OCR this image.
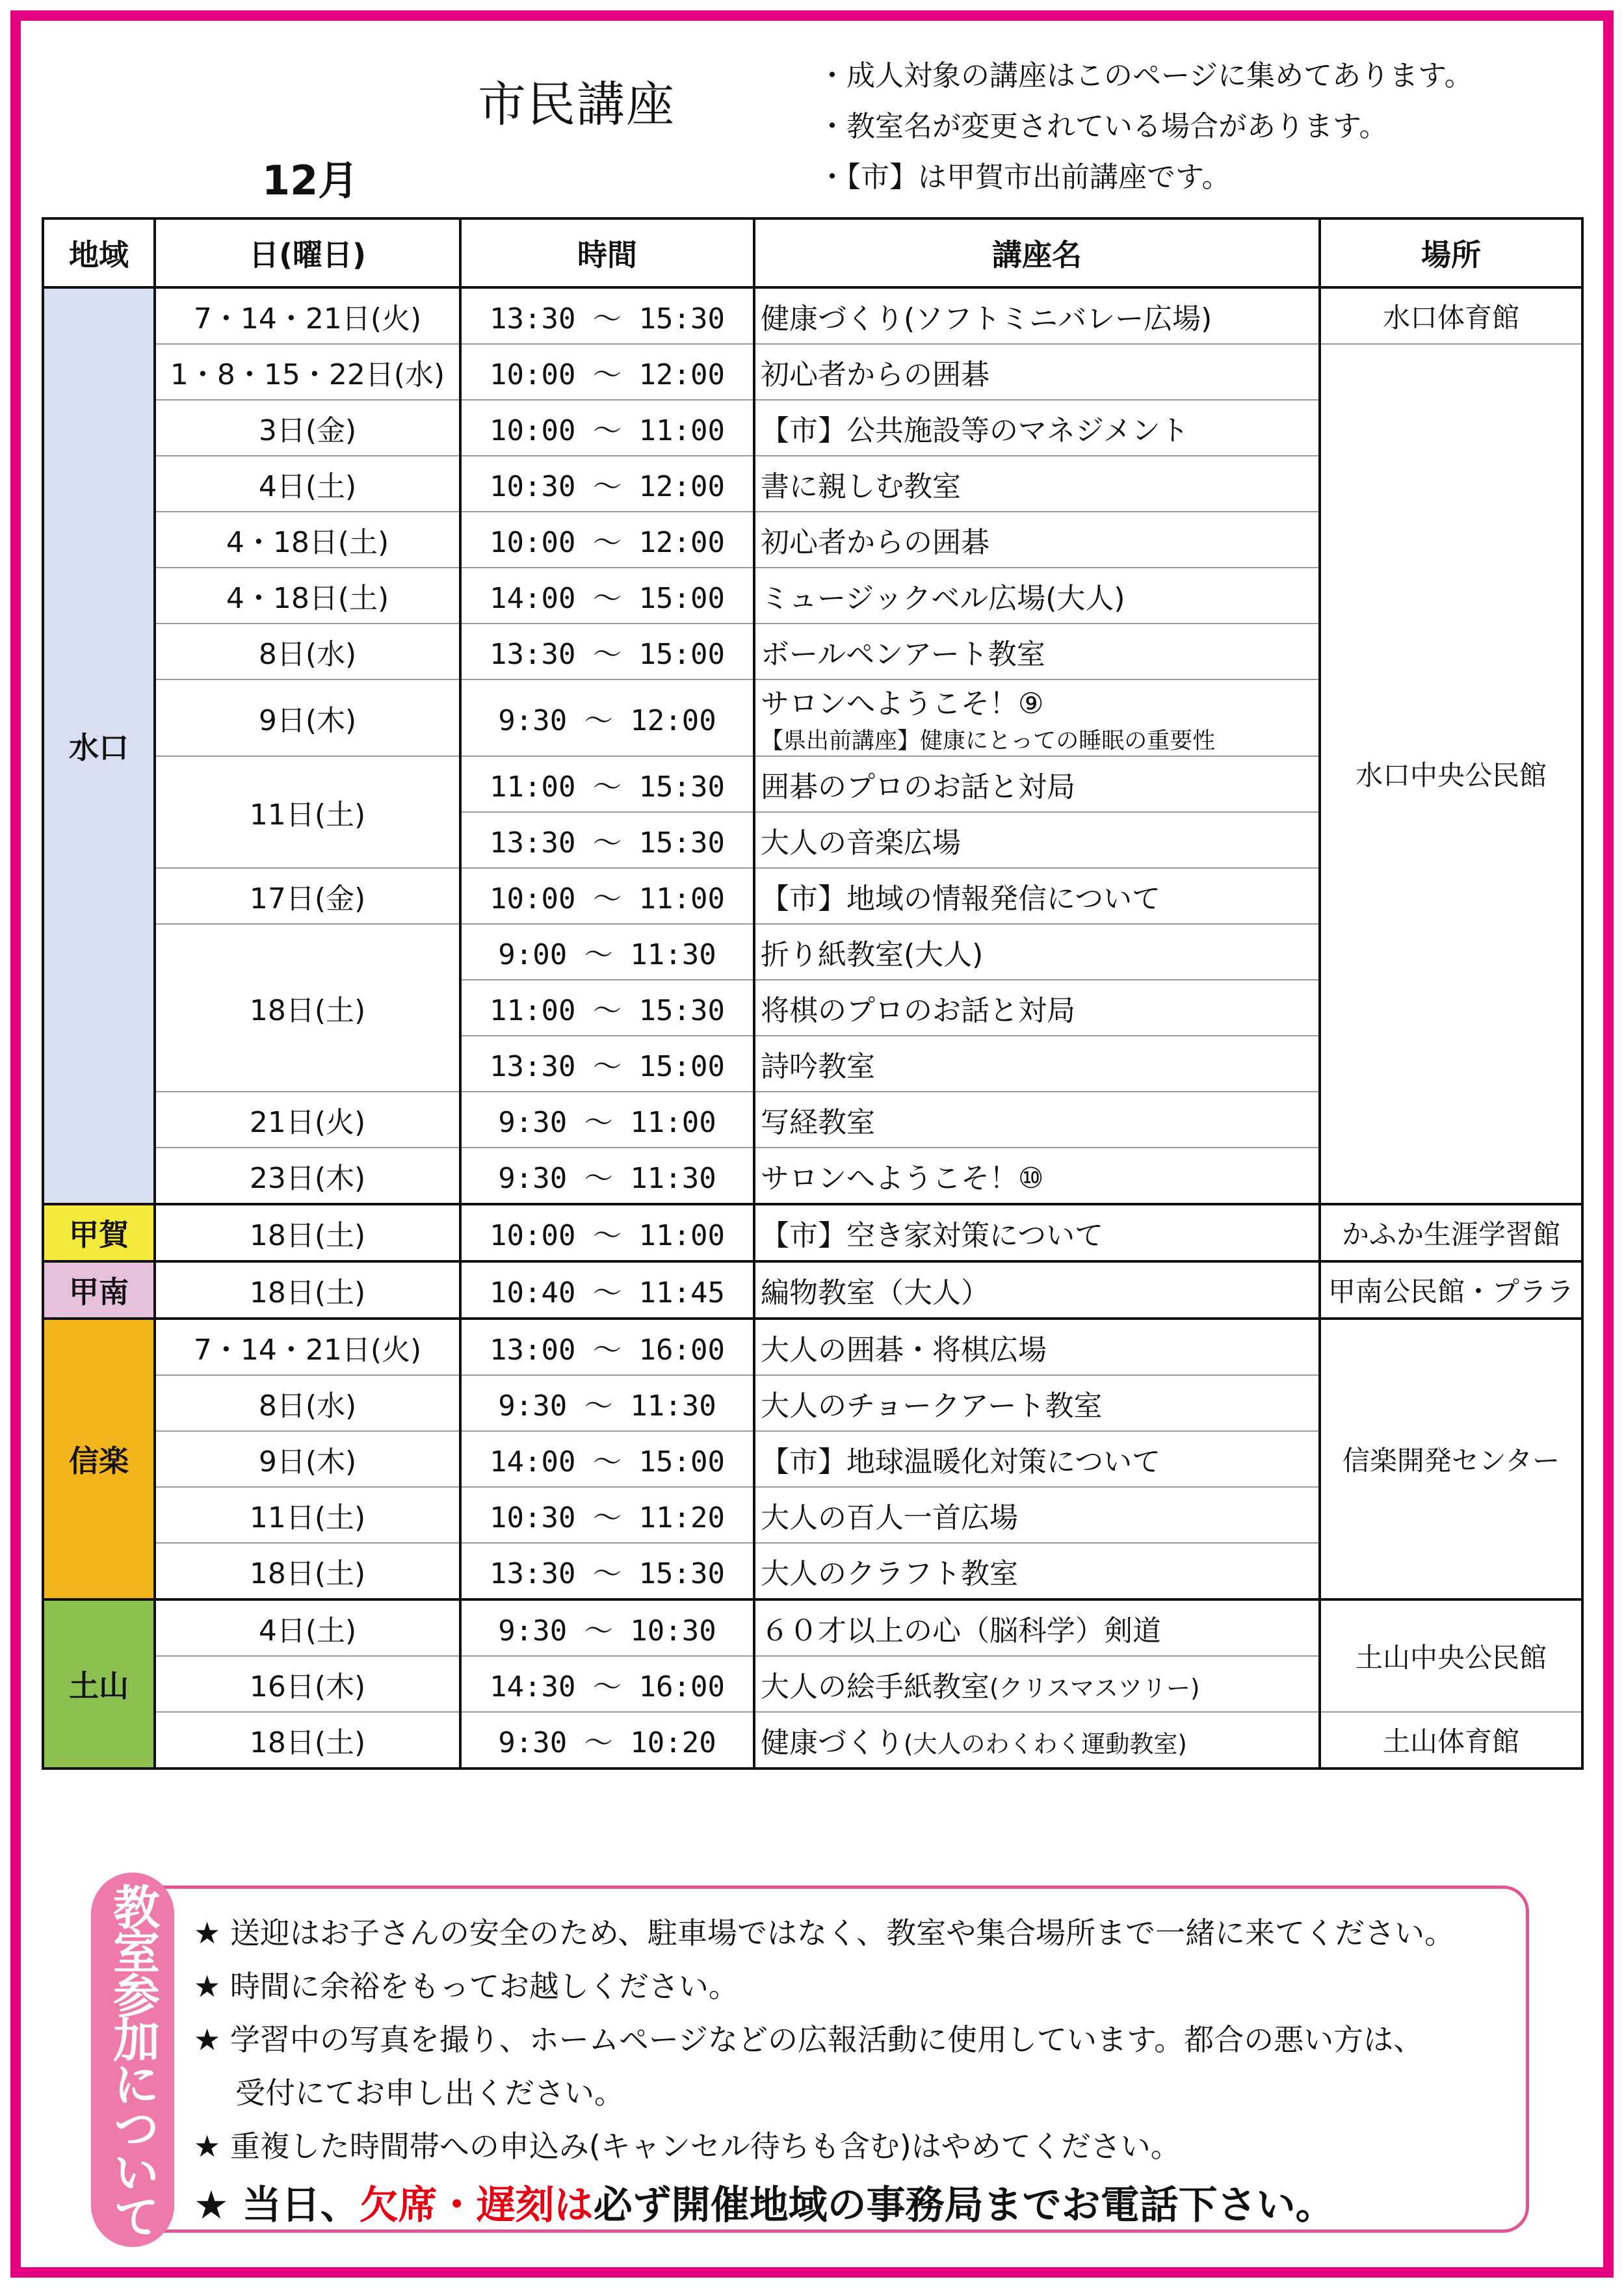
市民講座
12月
・成人対象の講座はこのページに集めてあります。
・教室名が変更されている場合があります。
・【市】は甲賀市出前講座です。
地域	日(曜日)	時間	講座名	場所
水口	7・14・21日(火)	13:30 ～ 15:30	健康づくり(ソフトミニバレー広場)	水口体育館
	1・8・15・22日(水)	10:00 ～ 12:00	初心者からの囲碁	水口中央公民館
	3日(金)	10:00 ～ 11:00	【市】公共施設等のマネジメント	
	4日(土)	10:30 ～ 12:00	書に親しむ教室	
	4・18日(土)	10:00 ～ 12:00	初心者からの囲碁	
	4・18日(土)	14:00 ～ 15:00	ミュージックベル広場(大人)	
	8日(水)	13:30 ～ 15:00	ボールペンアート教室	
	9日(木)	9:30 ～ 12:00	サロンへようこそ！⑨
【県出前講座】健康にとっての睡眠の重要性	

	11日(土)	11:00 ～ 15:30	囲碁のプロのお話と対局	
		13:30 ～ 15:30	大人の音楽広場	
	17日(金)	10:00 ～ 11:00	【市】地域の情報発信について	
	18日(土)	9:00 ～ 11:30	折り紙教室(大人)	
		11:00 ～ 15:30	将棋のプロのお話と対局	
		13:30 ～ 15:00	詩吟教室	
	21日(火)	9:30 ～ 11:00	写経教室	
	23日(木)	9:30 ～ 11:30	サロンへようこそ！⑩	
甲賀	18日(土)	10:00 ～ 11:00	【市】空き家対策について	かふか生涯学習館
甲南	18日(土)	10:40 ～ 11:45	編物教室（大人）	甲南公民館・プララ
信楽	7・14・21日(火)	13:00 ～ 16:00	大人の囲碁・将棋広場	信楽開発センター
	8日(水)	9:30 ～ 11:30	大人のチョークアート教室	
	9日(木)	14:00 ～ 15:00	【市】地球温暖化対策について	
	11日(土)	10:30 ～ 11:20	大人の百人一首広場	
	18日(土)	13:30 ～ 15:30	大人のクラフト教室	
土山	4日(土)	9:30 ～ 10:30	６０才以上の心（脳科学）剣道	土山中央公民館
	16日(木)	14:30 ～ 16:00	大人の絵手紙教室(クリスマスツリー)	
	18日(土)	9:30 ～ 10:20	健康づくり(大人のわくわく運動教室)	土山体育館
教室参加について	★ 送迎はお子さんの安全のため、駐車場ではなく、教室や集合場所まで一緒に来てください。
★ 時間に余裕をもってお越しください。
★ 学習中の写真を撮り、ホームページなどの広報活動に使用しています。都合の悪い方は、
受付にてお申し出ください。
★ 重複した時間帯への申込み(キャンセル待ちも含む)はやめてください。
★ 当日、欠席・遅刻は必ず開催地域の事務局までお電話下さい。
